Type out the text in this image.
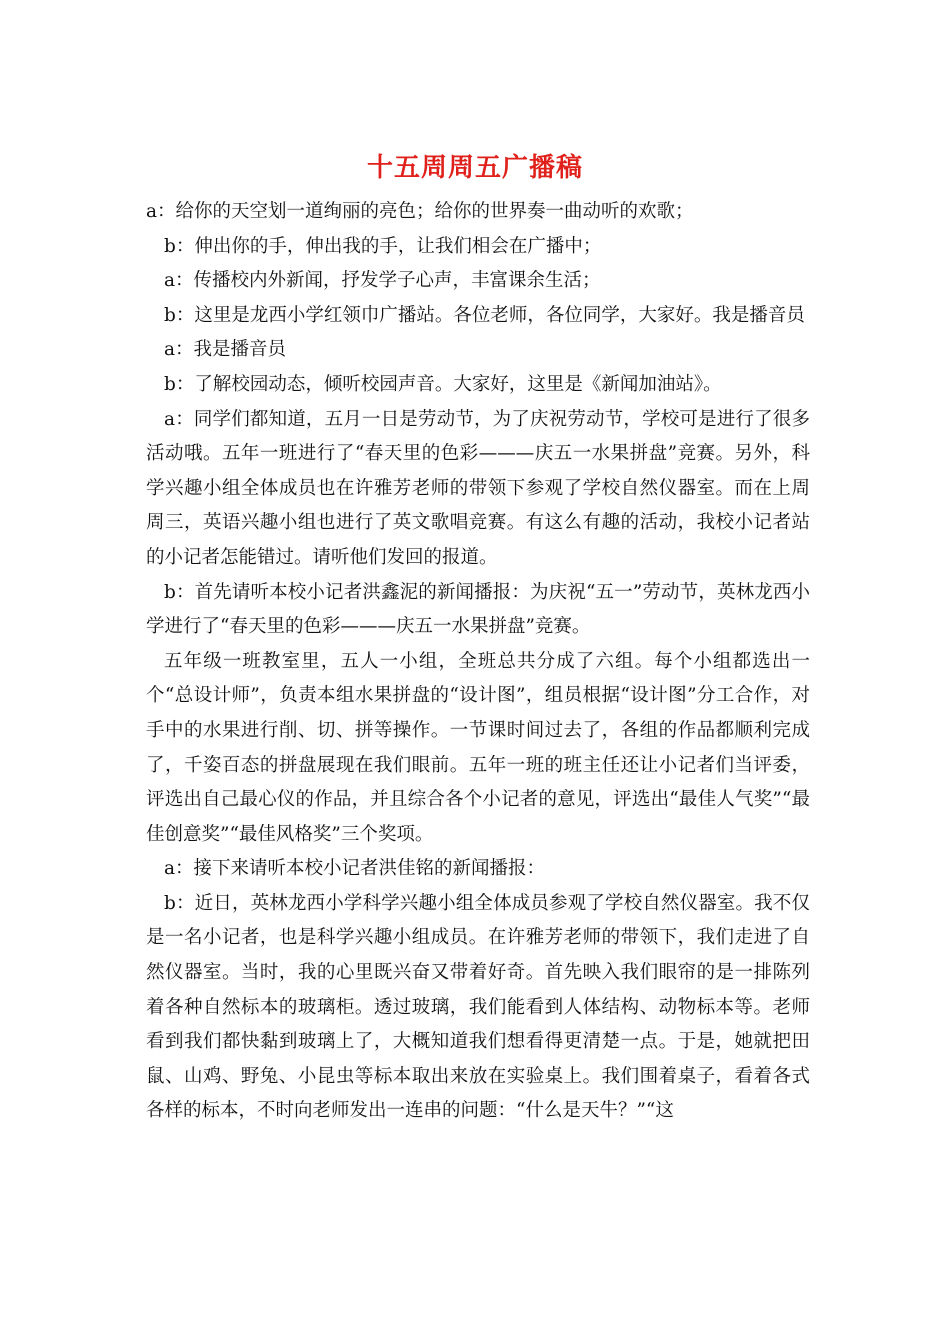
十五周周五广播稿

a：给你的天空划一道绚丽的亮色；给你的世界奏一曲动听的欢歌；

b：伸出你的手，伸出我的手，让我们相会在广播中；

a：传播校内外新闻，抒发学子心声，丰富课余生活；

b：这里是龙西小学红领巾广播站。各位老师，各位同学，大家好。我是播音员

a：我是播音员

b：了解校园动态，倾听校园声音。大家好，这里是《新闻加油站》。

a：同学们都知道，五月一日是劳动节，为了庆祝劳动节，学校可是进行了很多活动哦。五年一班进行了“春天里的色彩———庆五一水果拼盘”竞赛。另外，科学兴趣小组全体成员也在许雅芳老师的带领下参观了学校自然仪器室。而在上周周三，英语兴趣小组也进行了英文歌唱竞赛。有这么有趣的活动，我校小记者站的小记者怎能错过。请听他们发回的报道。

b：首先请听本校小记者洪鑫泥的新闻播报：为庆祝“五一”劳动节，英林龙西小学进行了“春天里的色彩———庆五一水果拼盘”竞赛。

五年级一班教室里，五人一小组，全班总共分成了六组。每个小组都选出一个“总设计师”，负责本组水果拼盘的“设计图”，组员根据“设计图”分工合作，对手中的水果进行削、切、拼等操作。一节课时间过去了，各组的作品都顺利完成了，千姿百态的拼盘展现在我们眼前。五年一班的班主任还让小记者们当评委，评选出自己最心仪的作品，并且综合各个小记者的意见，评选出“最佳人气奖”“最佳创意奖”“最佳风格奖”三个奖项。

a：接下来请听本校小记者洪佳铭的新闻播报：

b：近日，英林龙西小学科学兴趣小组全体成员参观了学校自然仪器室。我不仅是一名小记者，也是科学兴趣小组成员。在许雅芳老师的带领下，我们走进了自然仪器室。当时，我的心里既兴奋又带着好奇。首先映入我们眼帘的是一排陈列着各种自然标本的玻璃柜。透过玻璃，我们能看到人体结构、动物标本等。老师看到我们都快黏到玻璃上了，大概知道我们想看得更清楚一点。于是，她就把田鼠、山鸡、野兔、小昆虫等标本取出来放在实验桌上。我们围着桌子，看着各式各样的标本，不时向老师发出一连串的问题：“什么是天牛？”“这
